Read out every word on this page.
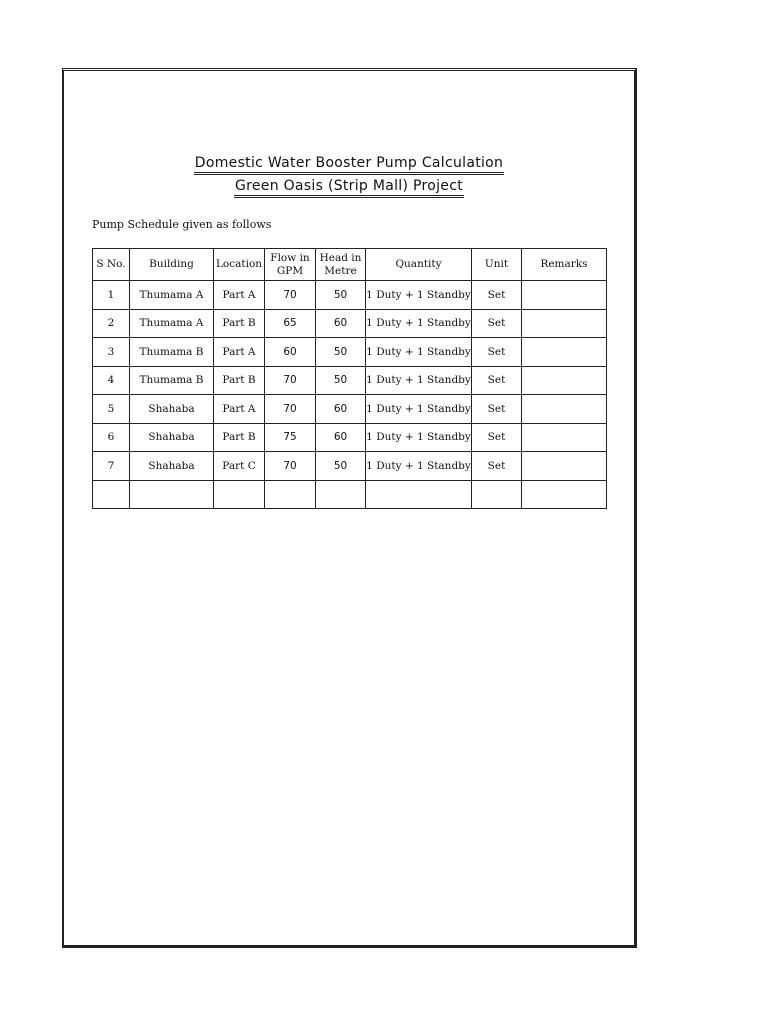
Domestic Water Booster Pump Calculation
Green Oasis (Strip Mall) Project
Pump Schedule given as follows
S No.	Building	Location	Flow in GPM	Head in Metre	Quantity	Unit	Remarks
1	Thumama A	Part A	70	50	1 Duty + 1 Standby	Set	
2	Thumama A	Part B	65	60	1 Duty + 1 Standby	Set	
3	Thumama B	Part A	60	50	1 Duty + 1 Standby	Set	
4	Thumama B	Part B	70	50	1 Duty + 1 Standby	Set	
5	Shahaba	Part A	70	60	1 Duty + 1 Standby	Set	
6	Shahaba	Part B	75	60	1 Duty + 1 Standby	Set	
7	Shahaba	Part C	70	50	1 Duty + 1 Standby	Set	
